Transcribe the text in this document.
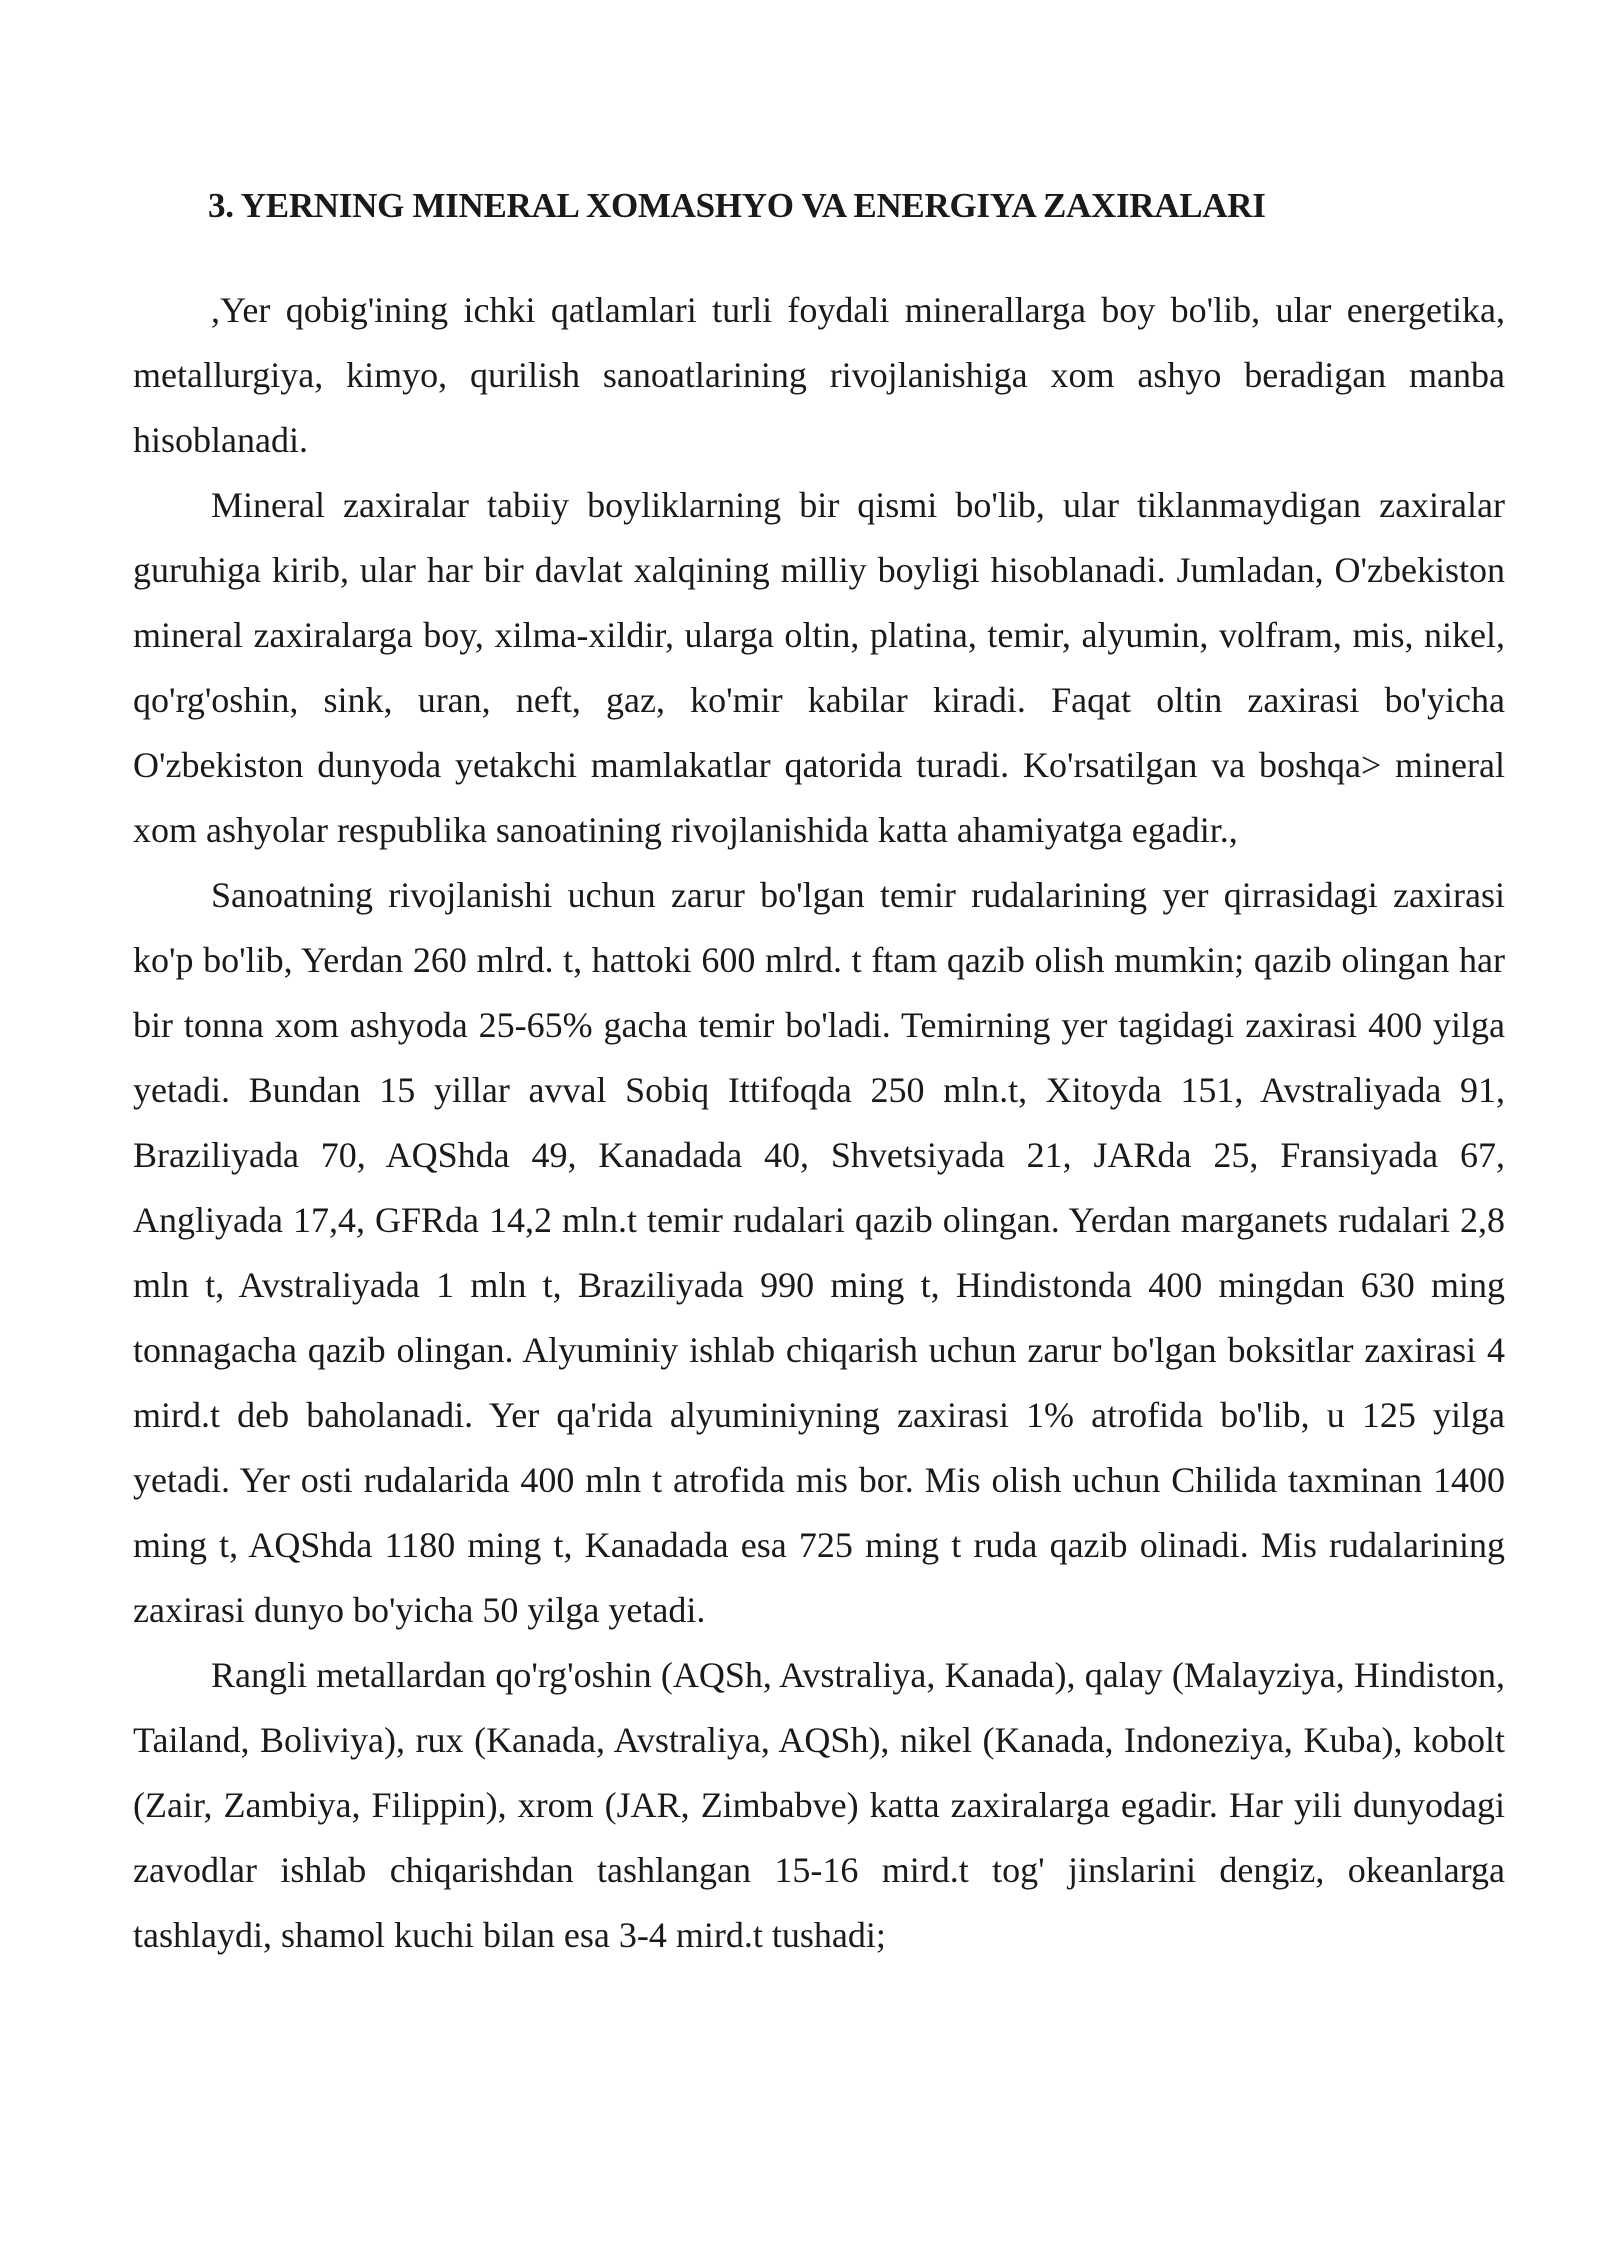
3. YERNING MINERAL XOMASHYO VA ENERGIYA ZAXIRALARI

,Yer qobig'ining ichki qatlamlari turli foydali minerallarga boy bo'lib, ular energetika, metallurgiya, kimyo, qurilish sanoatlarining rivojlanishiga xom ashyo beradigan manba hisoblanadi.

Mineral zaxiralar tabiiy boyliklarning bir qismi bo'lib, ular tiklanmaydigan zaxiralar guruhiga kirib, ular har bir davlat xalqining milliy boyligi hisoblanadi. Jumladan, O'zbekiston mineral zaxiralarga boy, xilma-xildir, ularga oltin, platina, temir, alyumin, volfram, mis, nikel, qo'rg'oshin, sink, uran, neft, gaz, ko'mir kabilar kiradi. Faqat oltin zaxirasi bo'yicha O'zbekiston dunyoda yetakchi mamlakatlar qatorida turadi. Ko'rsatilgan va boshqa> mineral xom ashyolar respublika sanoatining rivojlanishida katta ahamiyatga egadir.,

Sanoatning rivojlanishi uchun zarur bo'lgan temir rudalarining yer qirrasidagi zaxirasi ko'p bo'lib, Yerdan 260 mlrd. t, hattoki 600 mlrd. t ftam qazib olish mumkin; qazib olingan har bir tonna xom ashyoda 25-65% gacha temir bo'ladi. Temirning yer tagidagi zaxirasi 400 yilga yetadi. Bundan 15 yillar avval Sobiq Ittifoqda 250 mln.t, Xitoyda 151, Avstraliyada 91, Braziliyada 70, AQShda 49, Kanadada 40, Shvetsiyada 21, JARda 25, Fransiyada 67, Angliyada 17,4, GFRda 14,2 mln.t temir rudalari qazib olingan. Yerdan marganets rudalari 2,8 mln t, Avstraliyada 1 mln t, Braziliyada 990 ming t, Hindistonda 400 mingdan 630 ming tonnagacha qazib olingan. Alyuminiy ishlab chiqarish uchun zarur bo'lgan boksitlar zaxirasi 4 mird.t deb baholanadi. Yer qa'rida alyuminiyning zaxirasi 1% atrofida bo'lib, u 125 yilga yetadi. Yer osti rudalarida 400 mln t atrofida mis bor. Mis olish uchun Chilida taxminan 1400 ming t, AQShda 1180 ming t, Kanadada esa 725 ming t ruda qazib olinadi. Mis rudalarining zaxirasi dunyo bo'yicha 50 yilga yetadi.

Rangli metallardan qo'rg'oshin (AQSh, Avstraliya, Kanada), qalay (Malayziya, Hindiston, Tailand, Boliviya), rux (Kanada, Avstraliya, AQSh), nikel (Kanada, Indoneziya, Kuba), kobolt (Zair, Zambiya, Filippin), xrom (JAR, Zimbabve) katta zaxiralarga egadir. Har yili dunyodagi zavodlar ishlab chiqarishdan tashlangan 15-16 mird.t tog' jinslarini dengiz, okeanlarga tashlaydi, shamol kuchi bilan esa 3-4 mird.t tushadi;
